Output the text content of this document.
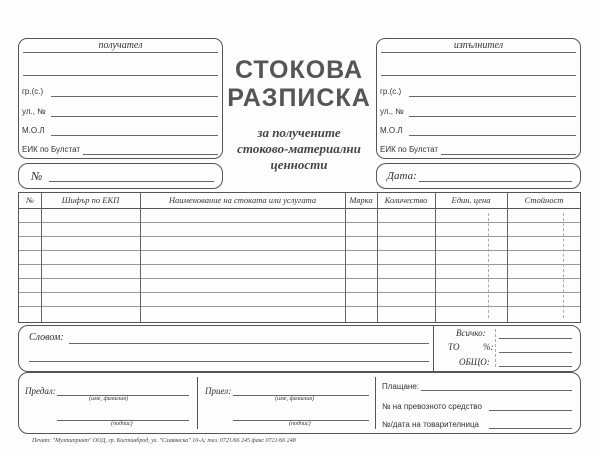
получател
гр.(с.)
ул., №
М.О.Л
ЕИК по Булстат
№
СТОКОВА
РАЗПИСКА
за получените
стоково-материални
ценности
изпълнител
гр.(с.)
ул., №
М.О.Л
ЕИК по Булстат
Дата:
№	Шифър по ЕКП	Наименование на стоката или услугата	Мярка	Количество	Един. цена	Стойност
Словом:	Всичко:
ТО	%:
ОБЩО:
Предал:
(име, фамилия)
(подпис)
Приел:
(име, фамилия)
(подпис)
Плащане:
№ на превозното средство
№/дата на товарителница
Печат: "Мултипринт" ООД, гр. Костинброд, ул. "Славянска" 10-А; тел. 0721/66 245 факс 0721/66 248
